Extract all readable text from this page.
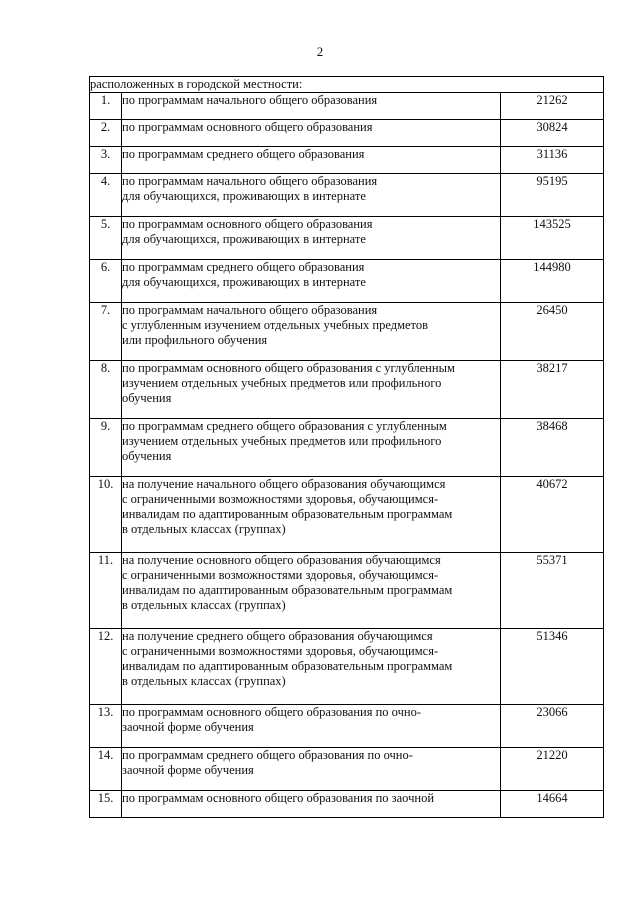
2
расположенных в городской местности:		
1.	по программам начального общего образования	21262
2.	по программам основного общего образования	30824
3.	по программам среднего общего образования	31136
4.	по программам начального общего образования
для обучающихся, проживающих в интернате	95195
5.	по программам основного общего образования
для обучающихся, проживающих в интернате	143525
6.	по программам среднего общего образования
для обучающихся, проживающих в интернате	144980
7.	по программам начального общего образования
с углубленным изучением отдельных учебных предметов
или профильного обучения	26450
8.	по программам основного общего образования с углубленным
изучением отдельных учебных предметов или профильного
обучения	38217
9.	по программам среднего общего образования с углубленным
изучением отдельных учебных предметов или профильного
обучения	38468
10.	на получение начального общего образования обучающимся
с ограниченными возможностями здоровья, обучающимся-
инвалидам по адаптированным образовательным программам
в отдельных классах (группах)	40672
11.	на получение основного общего образования обучающимся
с ограниченными возможностями здоровья, обучающимся-
инвалидам по адаптированным образовательным программам
в отдельных классах (группах)	55371
12.	на получение среднего общего образования обучающимся
с ограниченными возможностями здоровья, обучающимся-
инвалидам по адаптированным образовательным программам
в отдельных классах (группах)	51346
13.	по программам основного общего образования по очно-
заочной форме обучения	23066
14.	по программам среднего общего образования по очно-
заочной форме обучения	21220
15.	по программам основного общего образования по заочной	14664
